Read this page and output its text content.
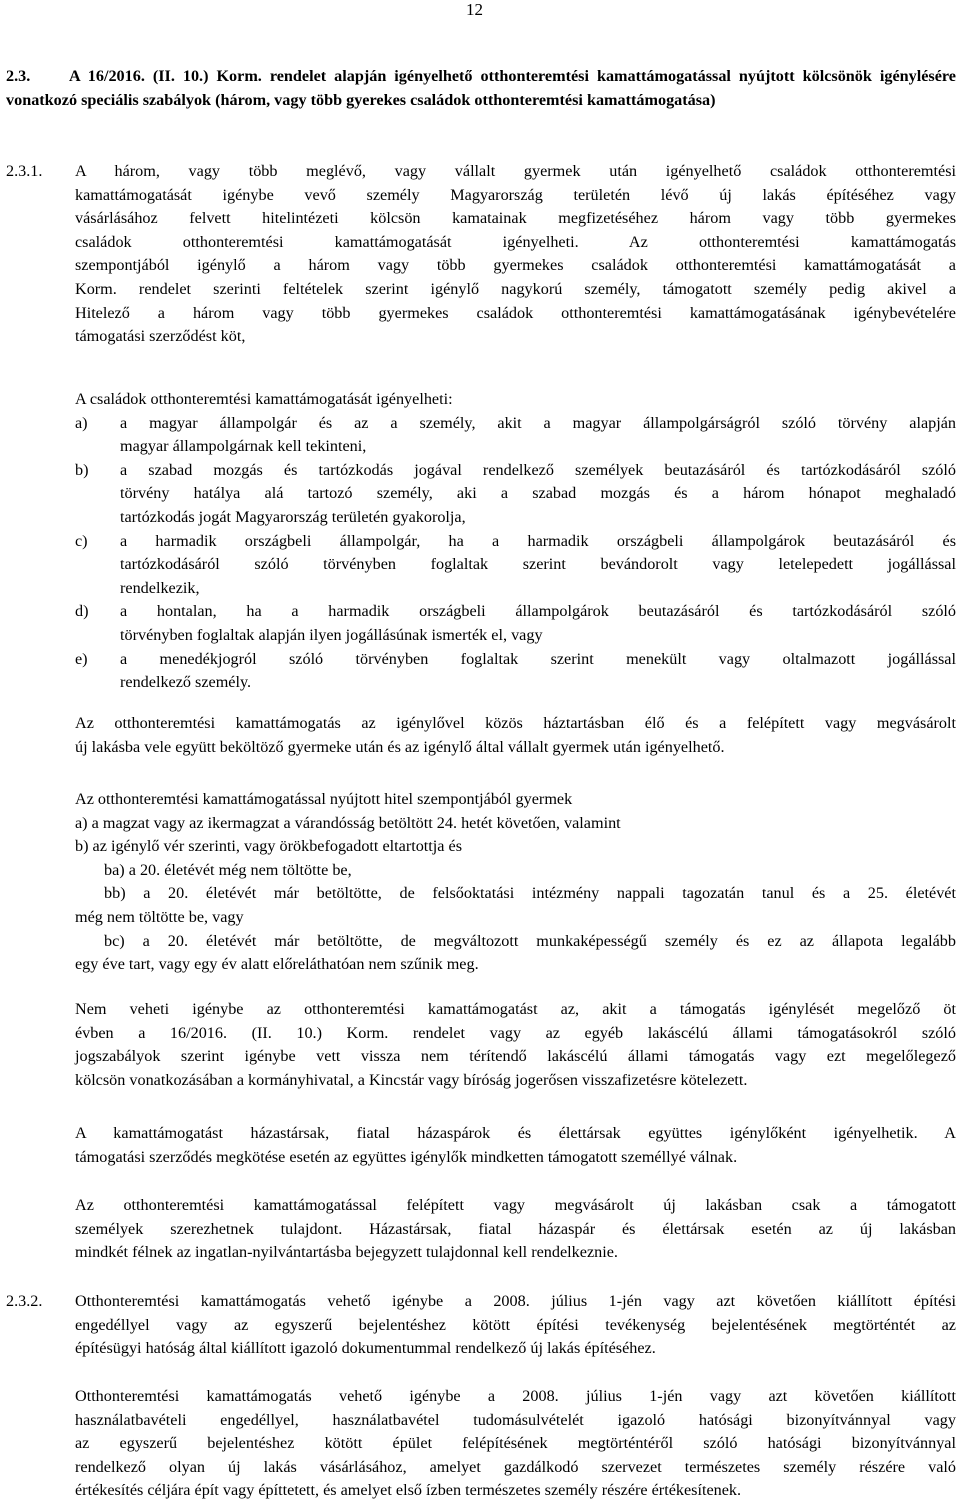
12
2.3.	A 16/2016. (II. 10.) Korm. rendelet alapján igényelhető otthonteremtési kamattámogatással nyújtott kölcsönök igénylésére vonatkozó speciális szabályok (három, vagy több gyerekes családok otthonteremtési kamattámogatása)
2.3.1. A három, vagy több meglévő, vagy vállalt gyermek után igényelhető családok otthonteremtési
kamattámogatását igénybe vevő személy Magyarország területén lévő új lakás építéséhez vagy
vásárlásához felvett hitelintézeti kölcsön kamatainak megfizetéséhez három vagy több gyermekes
családok otthonteremtési kamattámogatását igényelheti. Az otthonteremtési kamattámogatás
szempontjából igénylő a három vagy több gyermekes családok otthonteremtési kamattámogatását a
Korm. rendelet szerinti feltételek szerint igénylő nagykorú személy, támogatott személy pedig akivel a
Hitelező a három vagy több gyermekes családok otthonteremtési kamattámogatásának igénybevételére
támogatási szerződést köt,
A családok otthonteremtési kamattámogatását igényelheti:
a) a magyar állampolgár és az a személy, akit a magyar állampolgárságról szóló törvény alapján
magyar állampolgárnak kell tekinteni,
b) a szabad mozgás és tartózkodás jogával rendelkező személyek beutazásáról és tartózkodásáról szóló
törvény hatálya alá tartozó személy, aki a szabad mozgás és a három hónapot meghaladó
tartózkodás jogát Magyarország területén gyakorolja,
c) a harmadik országbeli állampolgár, ha a harmadik országbeli állampolgárok beutazásáról és
tartózkodásáról szóló törvényben foglaltak szerint bevándorolt vagy letelepedett jogállással
rendelkezik,
d) a hontalan, ha a harmadik országbeli állampolgárok beutazásáról és tartózkodásáról szóló
törvényben foglaltak alapján ilyen jogállásúnak ismerték el, vagy
e) a menedékjogról szóló törvényben foglaltak szerint menekült vagy oltalmazott jogállással
rendelkező személy.
Az otthonteremtési kamattámogatás az igénylővel közös háztartásban élő és a felépített vagy megvásárolt
új lakásba vele együtt beköltöző gyermeke után és az igénylő által vállalt gyermek után igényelhető.
Az otthonteremtési kamattámogatással nyújtott hitel szempontjából gyermek
a) a magzat vagy az ikermagzat a várandósság betöltött 24. hetét követően, valamint
b) az igénylő vér szerinti, vagy örökbefogadott eltartottja és
ba) a 20. életévét még nem töltötte be,
bb) a 20. életévét már betöltötte, de felsőoktatási intézmény nappali tagozatán tanul és a 25. életévét
még nem töltötte be, vagy
bc) a 20. életévét már betöltötte, de megváltozott munkaképességű személy és ez az állapota legalább
egy éve tart, vagy egy év alatt előreláthatóan nem szűnik meg.
Nem veheti igénybe az otthonteremtési kamattámogatást az, akit a támogatás igénylését megelőző öt
évben a 16/2016. (II. 10.) Korm. rendelet vagy az egyéb lakáscélú állami támogatásokról szóló
jogszabályok szerint igénybe vett vissza nem térítendő lakáscélú állami támogatás vagy ezt megelőlegező
kölcsön vonatkozásában a kormányhivatal, a Kincstár vagy bíróság jogerősen visszafizetésre kötelezett.
A kamattámogatást házastársak, fiatal házaspárok és élettársak együttes igénylőként igényelhetik. A
támogatási szerződés megkötése esetén az együttes igénylők mindketten támogatott személlyé válnak.
Az otthonteremtési kamattámogatással felépített vagy megvásárolt új lakásban csak a támogatott
személyek szerezhetnek tulajdont. Házastársak, fiatal házaspár és élettársak esetén az új lakásban
mindkét félnek az ingatlan-nyilvántartásba bejegyzett tulajdonnal kell rendelkeznie.
2.3.2. Otthonteremtési kamattámogatás vehető igénybe a 2008. július 1-jén vagy azt követően kiállított építési
engedéllyel vagy az egyszerű bejelentéshez kötött építési tevékenység bejelentésének megtörténtét az
építésügyi hatóság által kiállított igazoló dokumentummal rendelkező új lakás építéséhez.
Otthonteremtési kamattámogatás vehető igénybe a 2008. július 1-jén vagy azt követően kiállított
használatbavételi engedéllyel, használatbavétel tudomásulvételét igazoló hatósági bizonyítvánnyal vagy
az egyszerű bejelentéshez kötött épület felépítésének megtörténtéről szóló hatósági bizonyítvánnyal
rendelkező olyan új lakás vásárlásához, amelyet gazdálkodó szervezet természetes személy részére való
értékesítés céljára épít vagy építtetett, és amelyet első ízben természetes személy részére értékesítenek.
